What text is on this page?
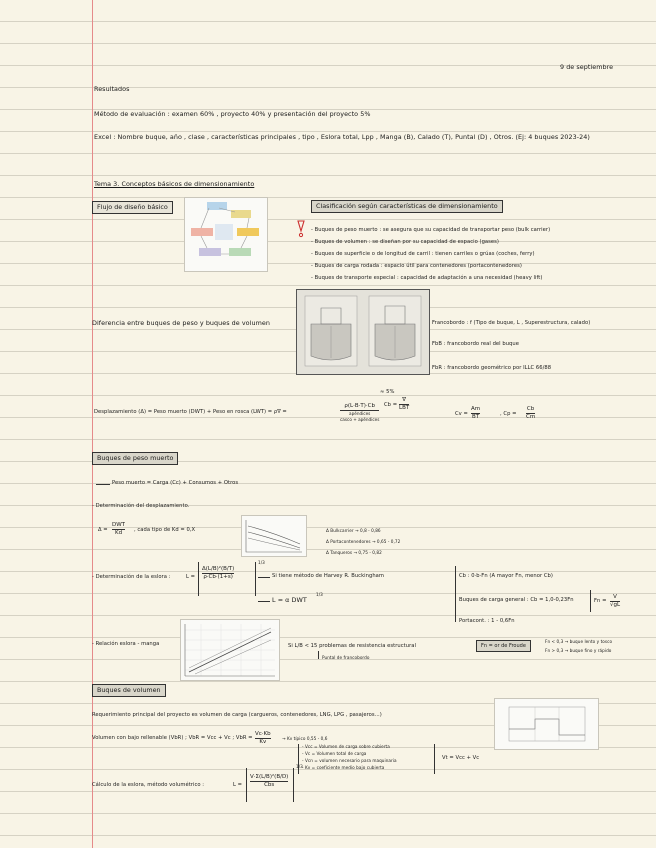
9 de septiembre
Resultados
Método de evaluación : examen 60% , proyecto 40% y presentación del proyecto 5%
Excel : Nombre buque, año , clase , características principales , tipo , Eslora total, Lpp , Manga (B), Calado (T), Puntal (D) , Otros. (Ej: 4 buques 2023-24)
Tema 3. Conceptos básicos de dimensionamiento
Flujo de diseño básico	Clasificación según características de dimensionamiento
- Buques de peso muerto : se asegura que su capacidad de transportar peso (bulk carrier)
- Buques de volumen : se diseñan por su capacidad de espacio (gases)
- Buques de superficie o de longitud de carril : tienen carriles o grúas (coches, ferry)
- Buques de carga rodada : espacio útil para contenedores (portacontenedores)
- Buques de transporte especial : capacidad de adaptación a una necesidad (heavy lift)
Diferencia entre buques de peso y buques de volumen	Francobordo : f (Tipo de buque, L , Superestructura, calado)
FbB : francobordo real del buque
FbR : francobordo geométrico por ILLC 66/88
≈ 5%
Desplazamiento (Δ) = Peso muerto (DWT) + Peso en rosca (LWT) = ρ∇ =
ρ(L·B·T)·Cb
apéndices
casco + apéndices
Cb =
∇
LBT
Cv =
Am
BT	, Cp =
Cb
Cm
Buques de peso muerto
Peso muerto = Carga (Cc) + Consumos + Otros
- Determinación del desplazamiento.
Δ =
DWT
Kd , cada tipo de Kd = 0,X	Δ Bulkcarrier → 0,8 - 0,86
Δ Portacontenedores → 0,65 - 0,72
Δ Tanqueros → 0,75 - 0,82
- Determinación de la eslora :	L =
Δ(L/B)²(B/T)
ρ·Cb·(1+s)
1/3
Si tiene método de Harvey R. Buckingham
L = α DWT
1/3
Cb : 0·b·Fn (A mayor Fn, menor Cb)
Buques de carga general : Cb = 1,0-0,23Fn	Fn =
V
√gL
Portacont. : 1 - 0,6Fn
- Relación eslora - manga	Si L/B < 15 problemas de resistencia estructural
Puntal de francobordo
Fn = or de Froude
Fn < 0,3 → buque lento y tosco
Fn > 0,3 → buque fino y rápido
Buques de volumen
Requerimiento principal del proyecto es volumen de carga (cargueros, contenedores, LNG, LPG , pasajeros...)
Volumen con bajo rellenable (VbR) ; VbR = Vcc + Vc ; VbR =
Vc·Kb
Kv
→ Kv típico 0,55 - 0,6
- Vcc = Volumen de carga sobre cubierta
- Vc = Volumen total de carga
- Vcn = volumen necesario para maquinaria
- Kv = coeficiente medio bajo cubierta
Vt = Vcc + Vc
Cálculo de la eslora, método volumétrico :	L =
V·Σ(L/B)²(B/D)
Cbs
1/3
